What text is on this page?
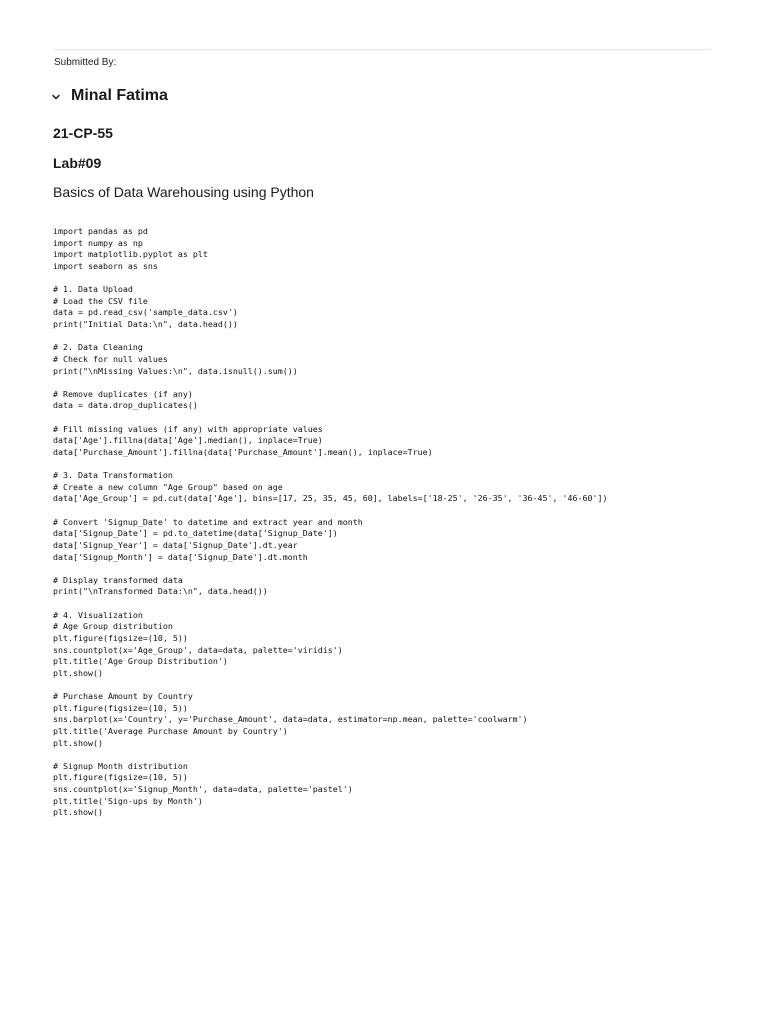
Submitted By:
Minal Fatima
21-CP-55
Lab#09
Basics of Data Warehousing using Python
import pandas as pd
import numpy as np
import matplotlib.pyplot as plt
import seaborn as sns

# 1. Data Upload
# Load the CSV file
data = pd.read_csv('sample_data.csv')
print("Initial Data:\n", data.head())

# 2. Data Cleaning
# Check for null values
print("\nMissing Values:\n", data.isnull().sum())

# Remove duplicates (if any)
data = data.drop_duplicates()

# Fill missing values (if any) with appropriate values
data['Age'].fillna(data['Age'].median(), inplace=True)
data['Purchase_Amount'].fillna(data['Purchase_Amount'].mean(), inplace=True)

# 3. Data Transformation
# Create a new column "Age Group" based on age
data['Age_Group'] = pd.cut(data['Age'], bins=[17, 25, 35, 45, 60], labels=['18-25', '26-35', '36-45', '46-60'])

# Convert 'Signup_Date' to datetime and extract year and month
data['Signup_Date'] = pd.to_datetime(data['Signup_Date'])
data['Signup_Year'] = data['Signup_Date'].dt.year
data['Signup_Month'] = data['Signup_Date'].dt.month

# Display transformed data
print("\nTransformed Data:\n", data.head())

# 4. Visualization
# Age Group distribution
plt.figure(figsize=(10, 5))
sns.countplot(x='Age_Group', data=data, palette='viridis')
plt.title('Age Group Distribution')
plt.show()

# Purchase Amount by Country
plt.figure(figsize=(10, 5))
sns.barplot(x='Country', y='Purchase_Amount', data=data, estimator=np.mean, palette='coolwarm')
plt.title('Average Purchase Amount by Country')
plt.show()

# Signup Month distribution
plt.figure(figsize=(10, 5))
sns.countplot(x='Signup_Month', data=data, palette='pastel')
plt.title('Sign-ups by Month')
plt.show()
